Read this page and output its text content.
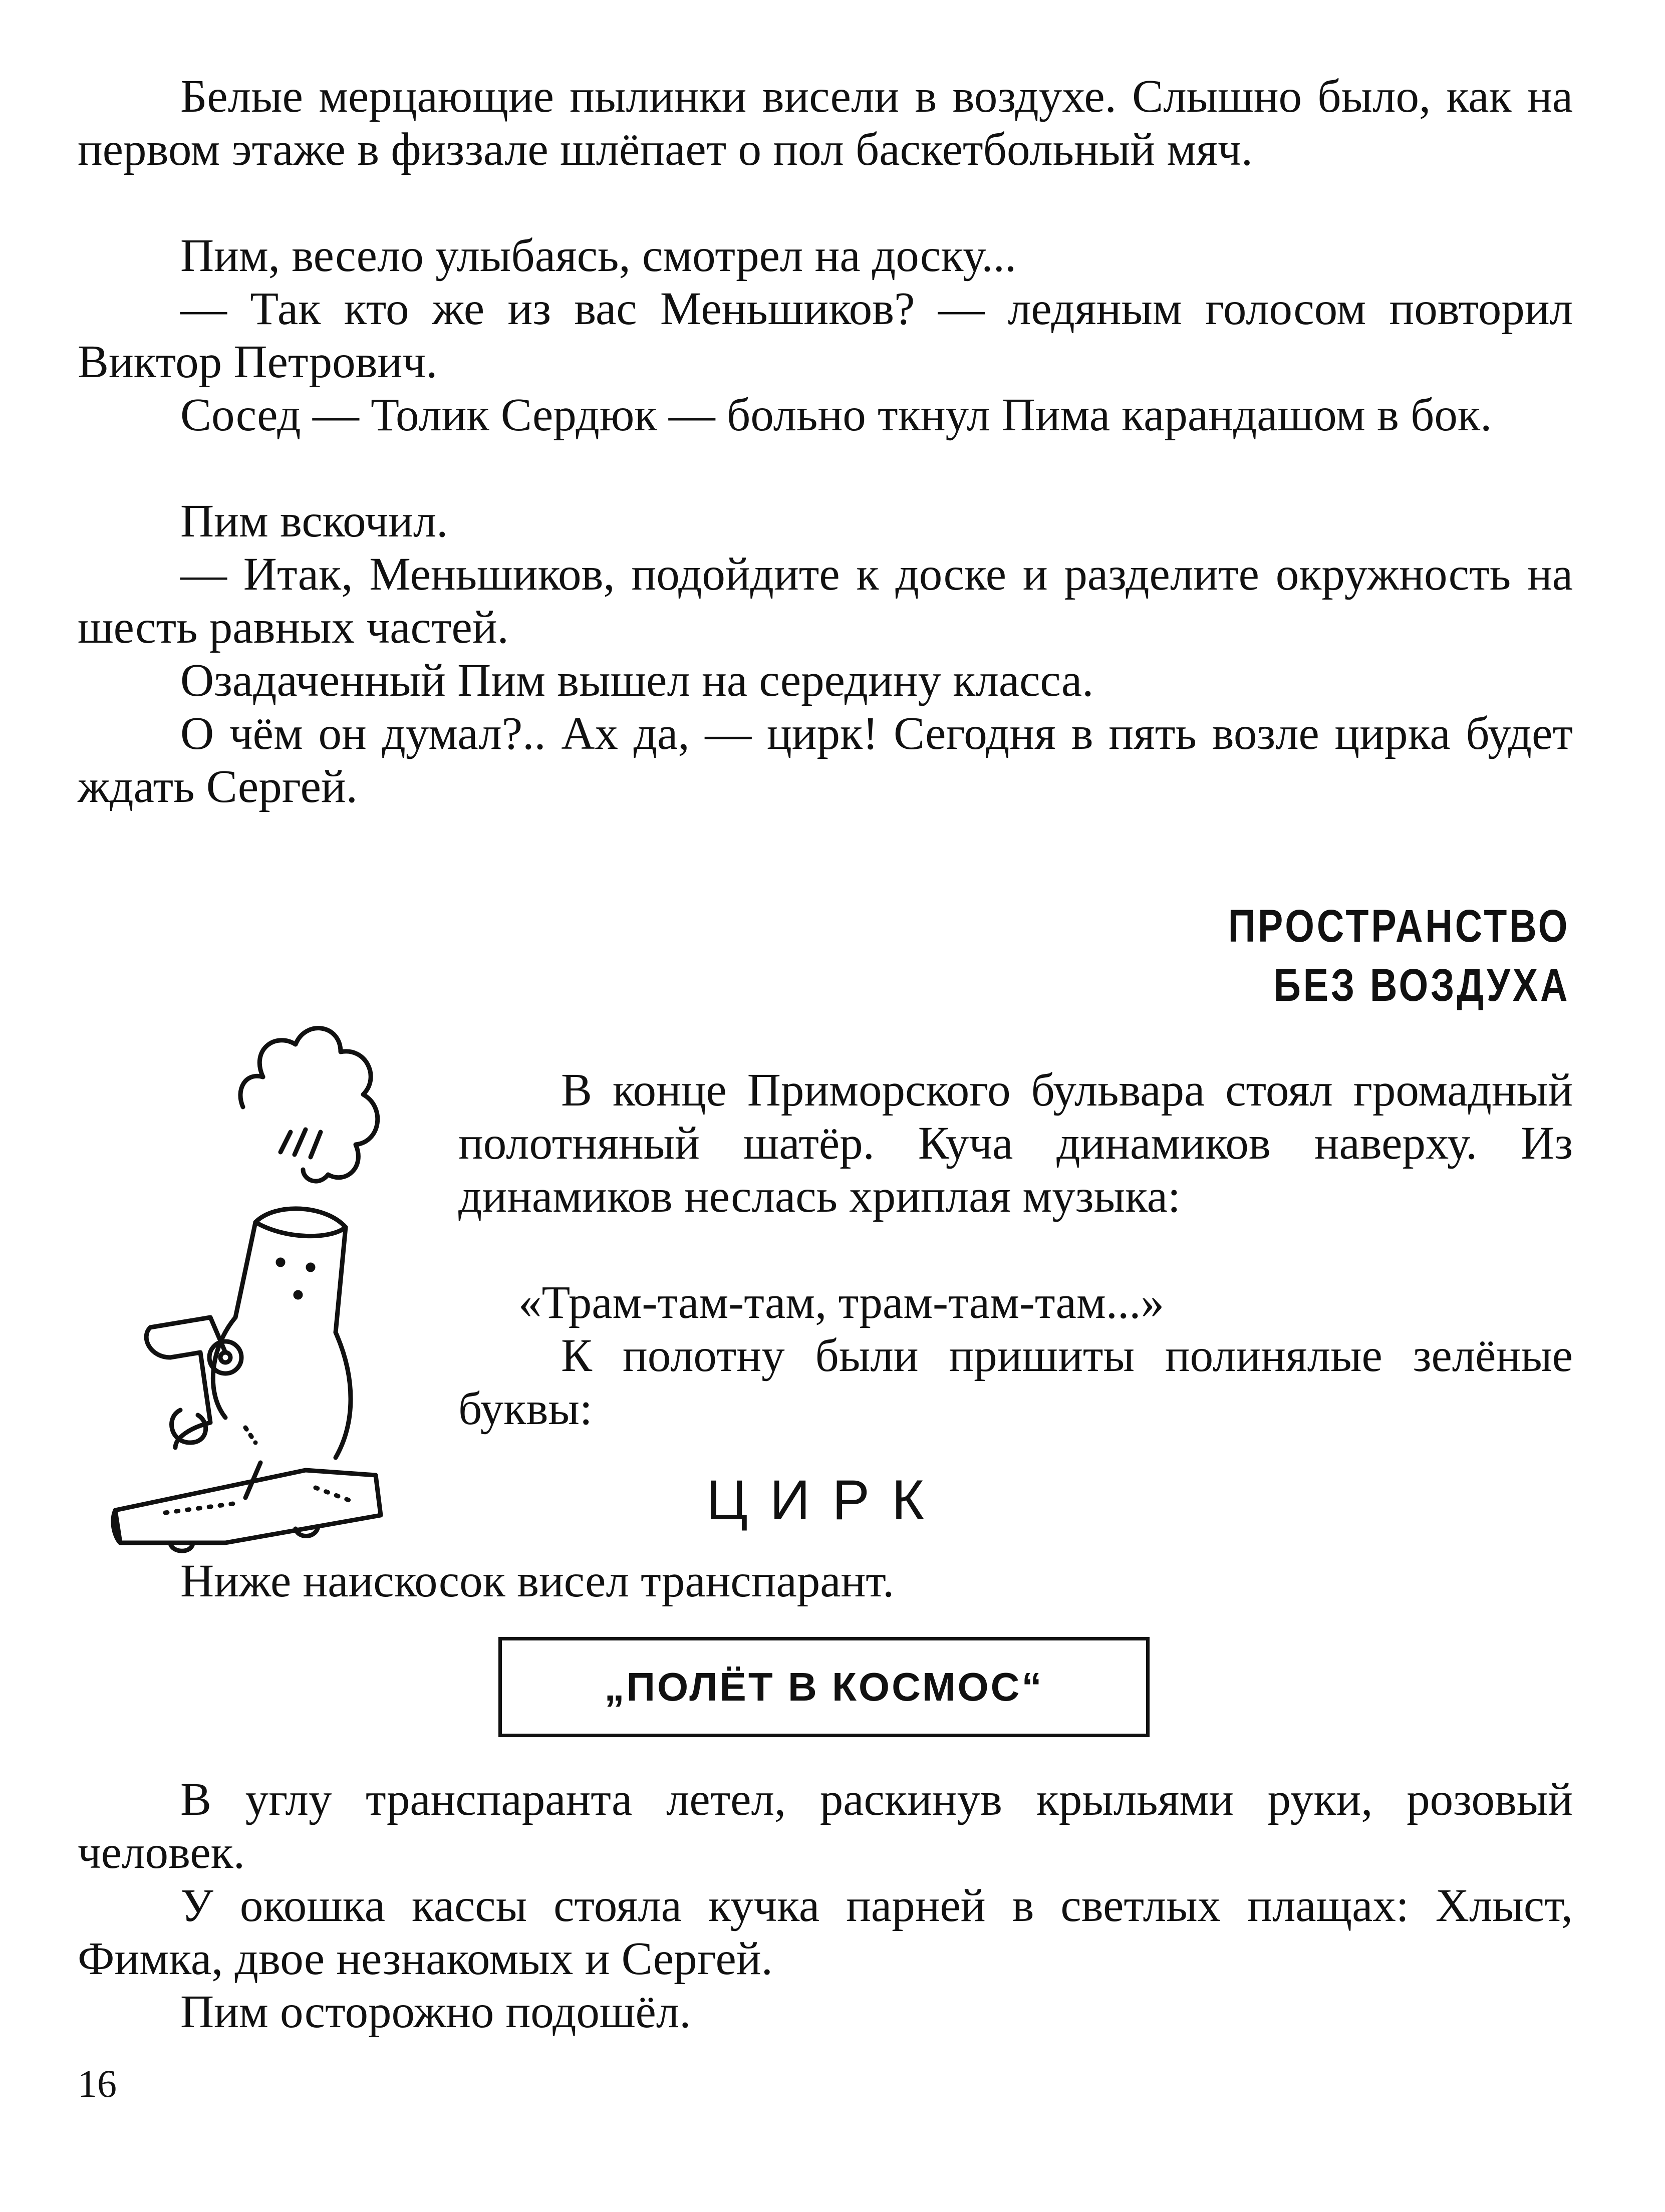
Белые мерцающие пылинки висели в воздухе. Слышно было, как на первом этаже в физзале шлёпает о пол баскетбольный мяч.

Пим, весело улыбаясь, смотрел на доску...

— Так кто же из вас Меньшиков? — ледяным голосом повторил Виктор Петрович.

Сосед — Толик Сердюк — больно ткнул Пима карандашом в бок.

Пим вскочил.

— Итак, Меньшиков, подойдите к доске и разделите окружность на шесть равных частей.

Озадаченный Пим вышел на середину класса.

О чём он думал?.. Ах да, — цирк! Сегодня в пять возле цирка будет ждать Сергей.

ПРОСТРАНСТВО
БЕЗ ВОЗДУХА

В конце Приморского бульвара стоял громадный полотняный шатёр. Куча динамиков наверху. Из динамиков неслась хриплая музыка:

«Трам-там-там, трам-там-там...»

К полотну были пришиты полинялые зелёные буквы:

ЦИРК

Ниже наискосок висел транспарант.

„ПОЛЁТ В КОСМОС“

В углу транспаранта летел, раскинув крыльями руки, розовый человек.

У окошка кассы стояла кучка парней в светлых плащах: Хлыст, Фимка, двое незнакомых и Сергей.

Пим осторожно подошёл.

16
